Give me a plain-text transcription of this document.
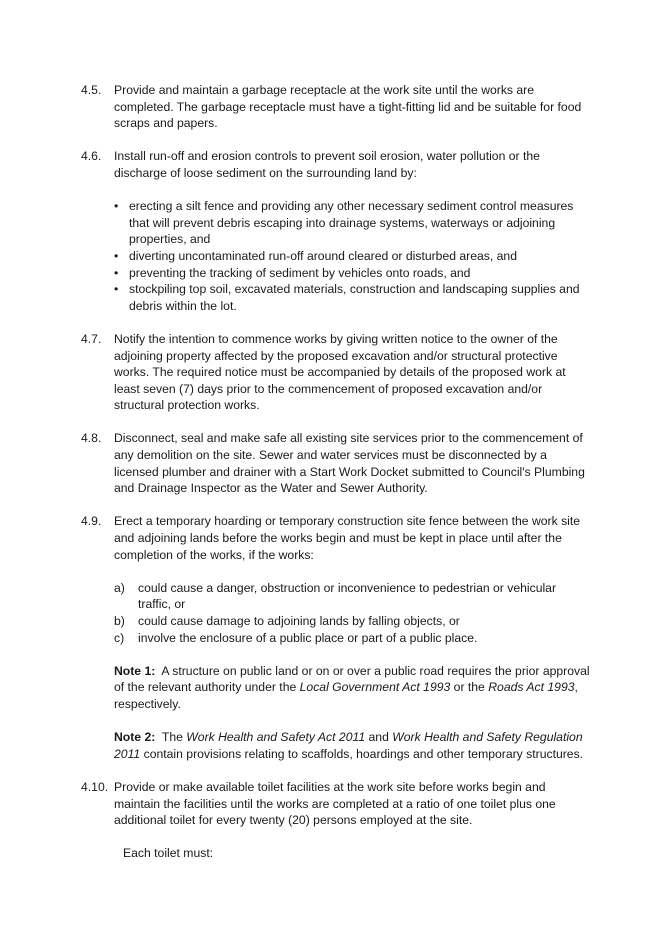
4.5.	Provide and maintain a garbage receptacle at the work site until the works are completed. The garbage receptacle must have a tight-fitting lid and be suitable for food scraps and papers.

4.6.	Install run-off and erosion controls to prevent soil erosion, water pollution or the discharge of loose sediment on the surrounding land by:

• erecting a silt fence and providing any other necessary sediment control measures that will prevent debris escaping into drainage systems, waterways or adjoining properties, and
• diverting uncontaminated run-off around cleared or disturbed areas, and
• preventing the tracking of sediment by vehicles onto roads, and
• stockpiling top soil, excavated materials, construction and landscaping supplies and debris within the lot.
4.7.	Notify the intention to commence works by giving written notice to the owner of the adjoining property affected by the proposed excavation and/or structural protective works. The required notice must be accompanied by details of the proposed work at least seven (7) days prior to the commencement of proposed excavation and/or structural protection works.

4.8.	Disconnect, seal and make safe all existing site services prior to the commencement of any demolition on the site. Sewer and water services must be disconnected by a licensed plumber and drainer with a Start Work Docket submitted to Council's Plumbing and Drainage Inspector as the Water and Sewer Authority.

4.9.	Erect a temporary hoarding or temporary construction site fence between the work site and adjoining lands before the works begin and must be kept in place until after the completion of the works, if the works:

a) could cause a danger, obstruction or inconvenience to pedestrian or vehicular traffic, or
b) could cause damage to adjoining lands by falling objects, or
c) involve the enclosure of a public place or part of a public place.

Note 1: A structure on public land or on or over a public road requires the prior approval of the relevant authority under the Local Government Act 1993 or the Roads Act 1993, respectively.

Note 2: The Work Health and Safety Act 2011 and Work Health and Safety Regulation 2011 contain provisions relating to scaffolds, hoardings and other temporary structures.

4.10. Provide or make available toilet facilities at the work site before works begin and maintain the facilities until the works are completed at a ratio of one toilet plus one additional toilet for every twenty (20) persons employed at the site.

Each toilet must:
